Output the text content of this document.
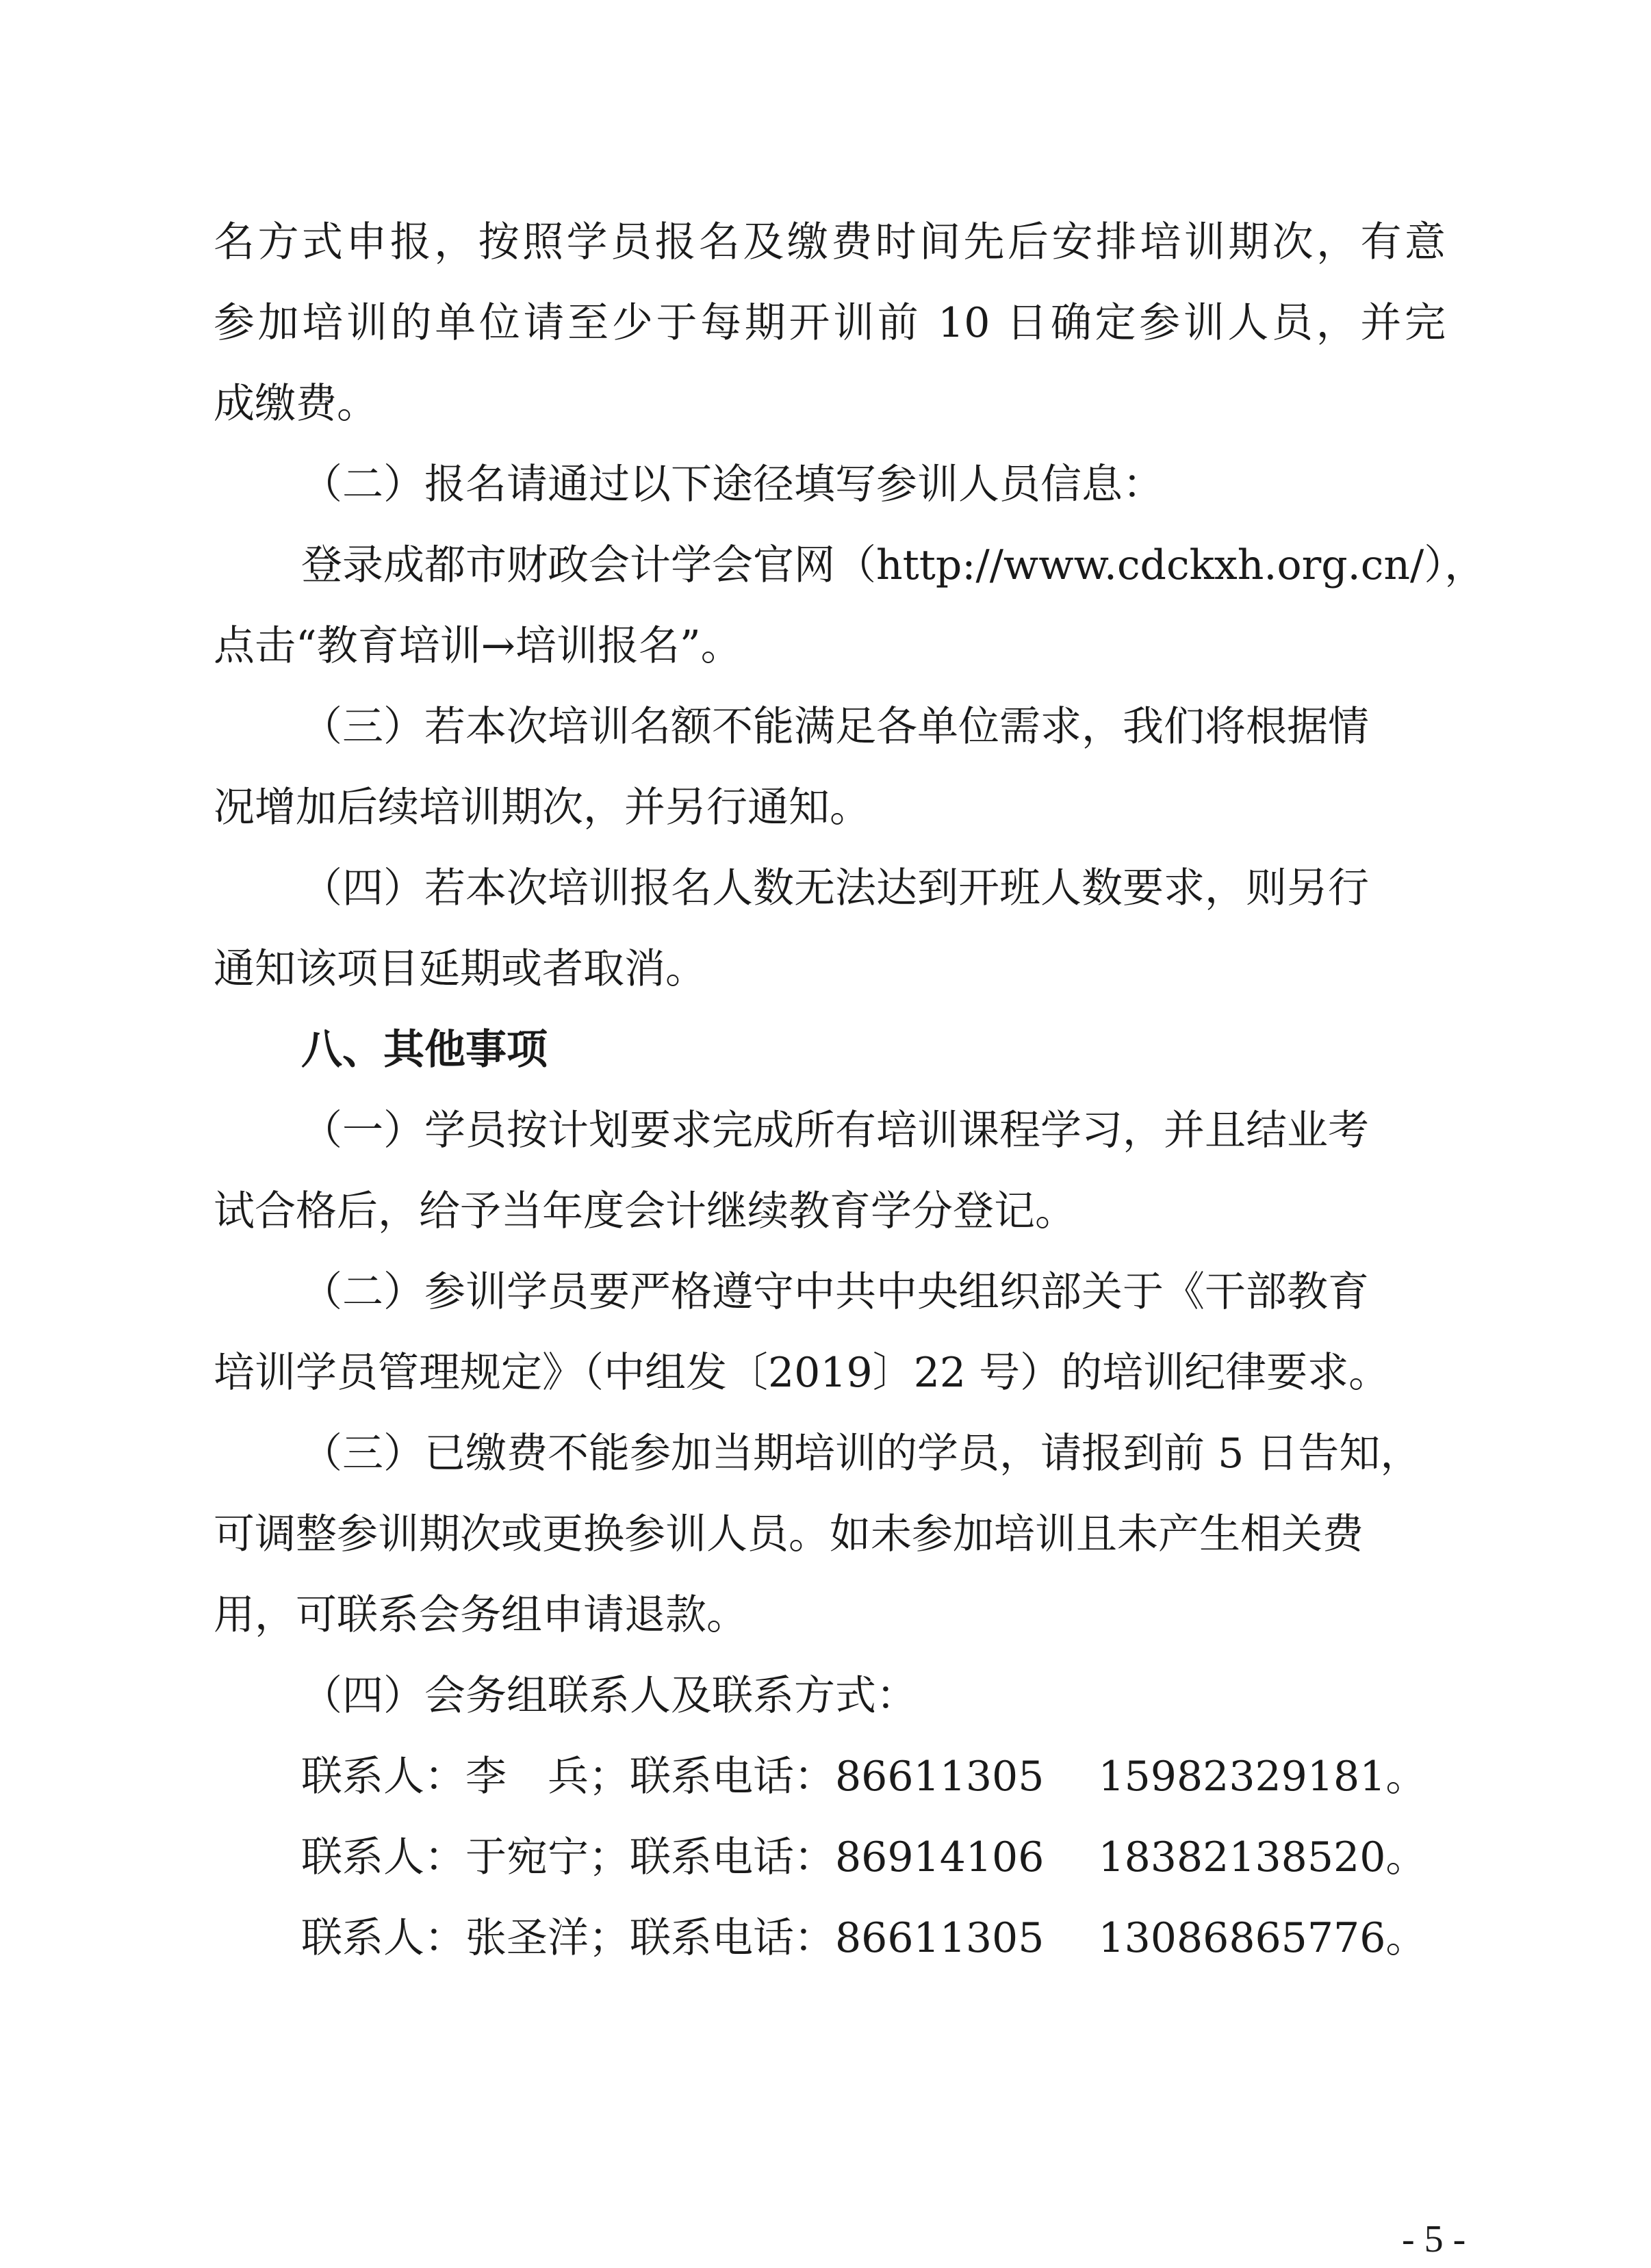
名方式申报，按照学员报名及缴费时间先后安排培训期次，有意
参加培训的单位请至少于每期开训前 10 日确定参训人员，并完
成缴费。
（二）报名请通过以下途径填写参训人员信息：
登录成都市财政会计学会官网（http://www.cdckxh.org.cn/），
点击“教育培训→培训报名”。
（三）若本次培训名额不能满足各单位需求，我们将根据情
况增加后续培训期次，并另行通知。
（四）若本次培训报名人数无法达到开班人数要求，则另行
通知该项目延期或者取消。
八、其他事项
（一）学员按计划要求完成所有培训课程学习，并且结业考
试合格后，给予当年度会计继续教育学分登记。
（二）参训学员要严格遵守中共中央组织部关于《干部教育
培训学员管理规定》（中组发〔2019〕22 号）的培训纪律要求。
（三）已缴费不能参加当期培训的学员，请报到前 5 日告知，
可调整参训期次或更换参训人员。如未参加培训且未产生相关费
用，可联系会务组申请退款。
（四）会务组联系人及联系方式：
联系人：李　兵；联系电话：86611305　 15982329181。
联系人：于宛宁；联系电话：86914106　 18382138520。
联系人：张圣洋；联系电话：86611305　 13086865776。
- 5 -
